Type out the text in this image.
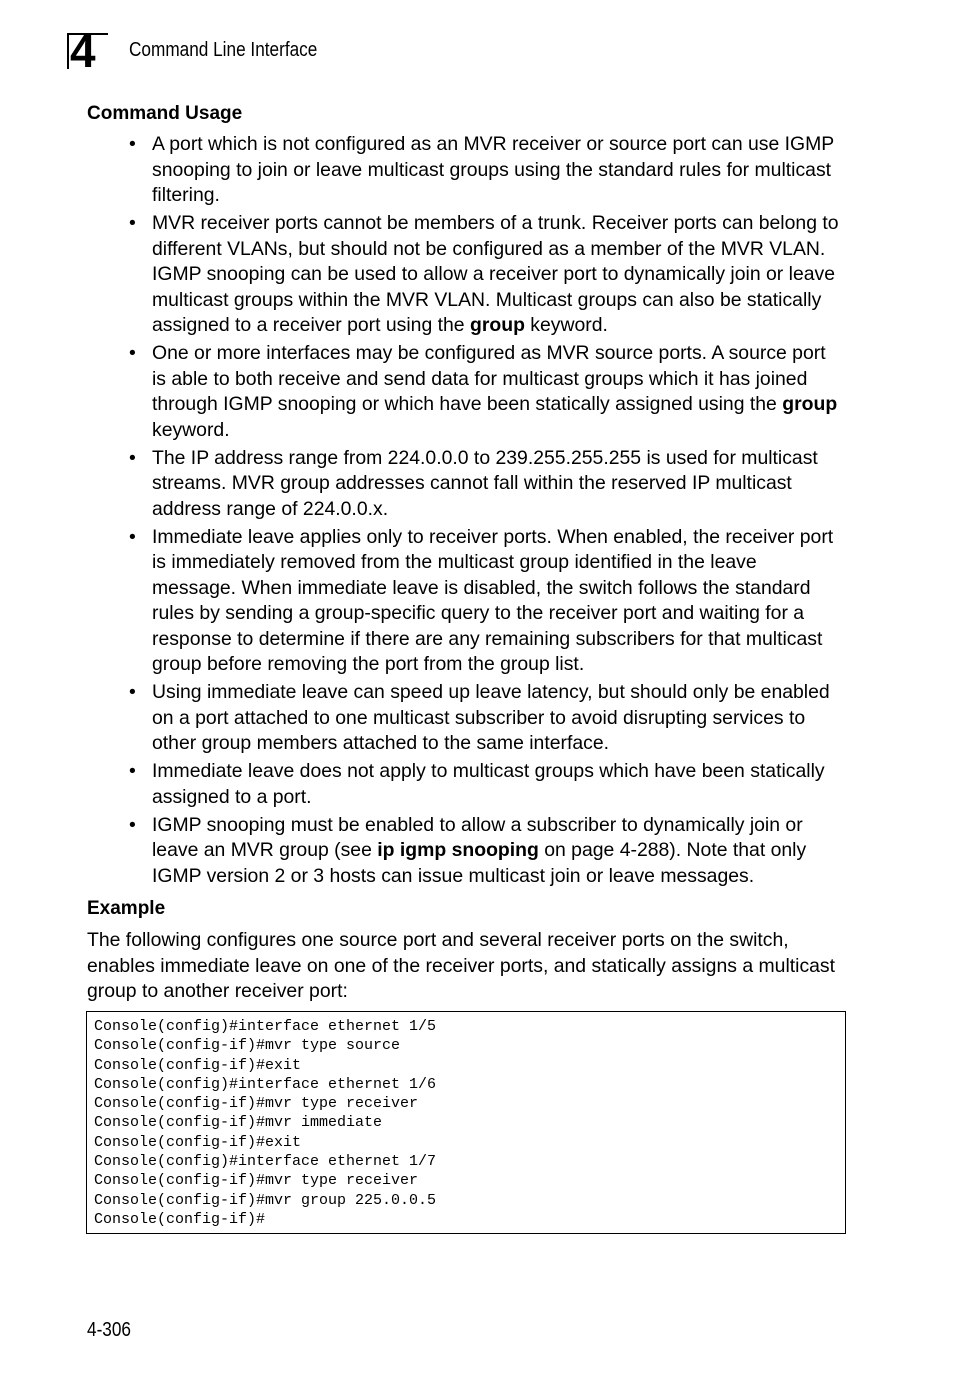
4 Command Line Interface
Command Usage
• A port which is not configured as an MVR receiver or source port can use IGMP snooping to join or leave multicast groups using the standard rules for multicast filtering.
• MVR receiver ports cannot be members of a trunk. Receiver ports can belong to different VLANs, but should not be configured as a member of the MVR VLAN. IGMP snooping can be used to allow a receiver port to dynamically join or leave multicast groups within the MVR VLAN. Multicast groups can also be statically assigned to a receiver port using the group keyword.
• One or more interfaces may be configured as MVR source ports. A source port is able to both receive and send data for multicast groups which it has joined through IGMP snooping or which have been statically assigned using the group keyword.
• The IP address range from 224.0.0.0 to 239.255.255.255 is used for multicast streams. MVR group addresses cannot fall within the reserved IP multicast address range of 224.0.0.x.
• Immediate leave applies only to receiver ports. When enabled, the receiver port is immediately removed from the multicast group identified in the leave message. When immediate leave is disabled, the switch follows the standard rules by sending a group-specific query to the receiver port and waiting for a response to determine if there are any remaining subscribers for that multicast group before removing the port from the group list.
• Using immediate leave can speed up leave latency, but should only be enabled on a port attached to one multicast subscriber to avoid disrupting services to other group members attached to the same interface.
• Immediate leave does not apply to multicast groups which have been statically assigned to a port.
• IGMP snooping must be enabled to allow a subscriber to dynamically join or leave an MVR group (see ip igmp snooping on page 4-288). Note that only IGMP version 2 or 3 hosts can issue multicast join or leave messages.
Example

The following configures one source port and several receiver ports on the switch, enables immediate leave on one of the receiver ports, and statically assigns a multicast group to another receiver port:

Console(config)#interface ethernet 1/5
Console(config-if)#mvr type source
Console(config-if)#exit
Console(config)#interface ethernet 1/6
Console(config-if)#mvr type receiver
Console(config-if)#mvr immediate
Console(config-if)#exit
Console(config)#interface ethernet 1/7
Console(config-if)#mvr type receiver
Console(config-if)#mvr group 225.0.0.5
Console(config-if)#
4-306
